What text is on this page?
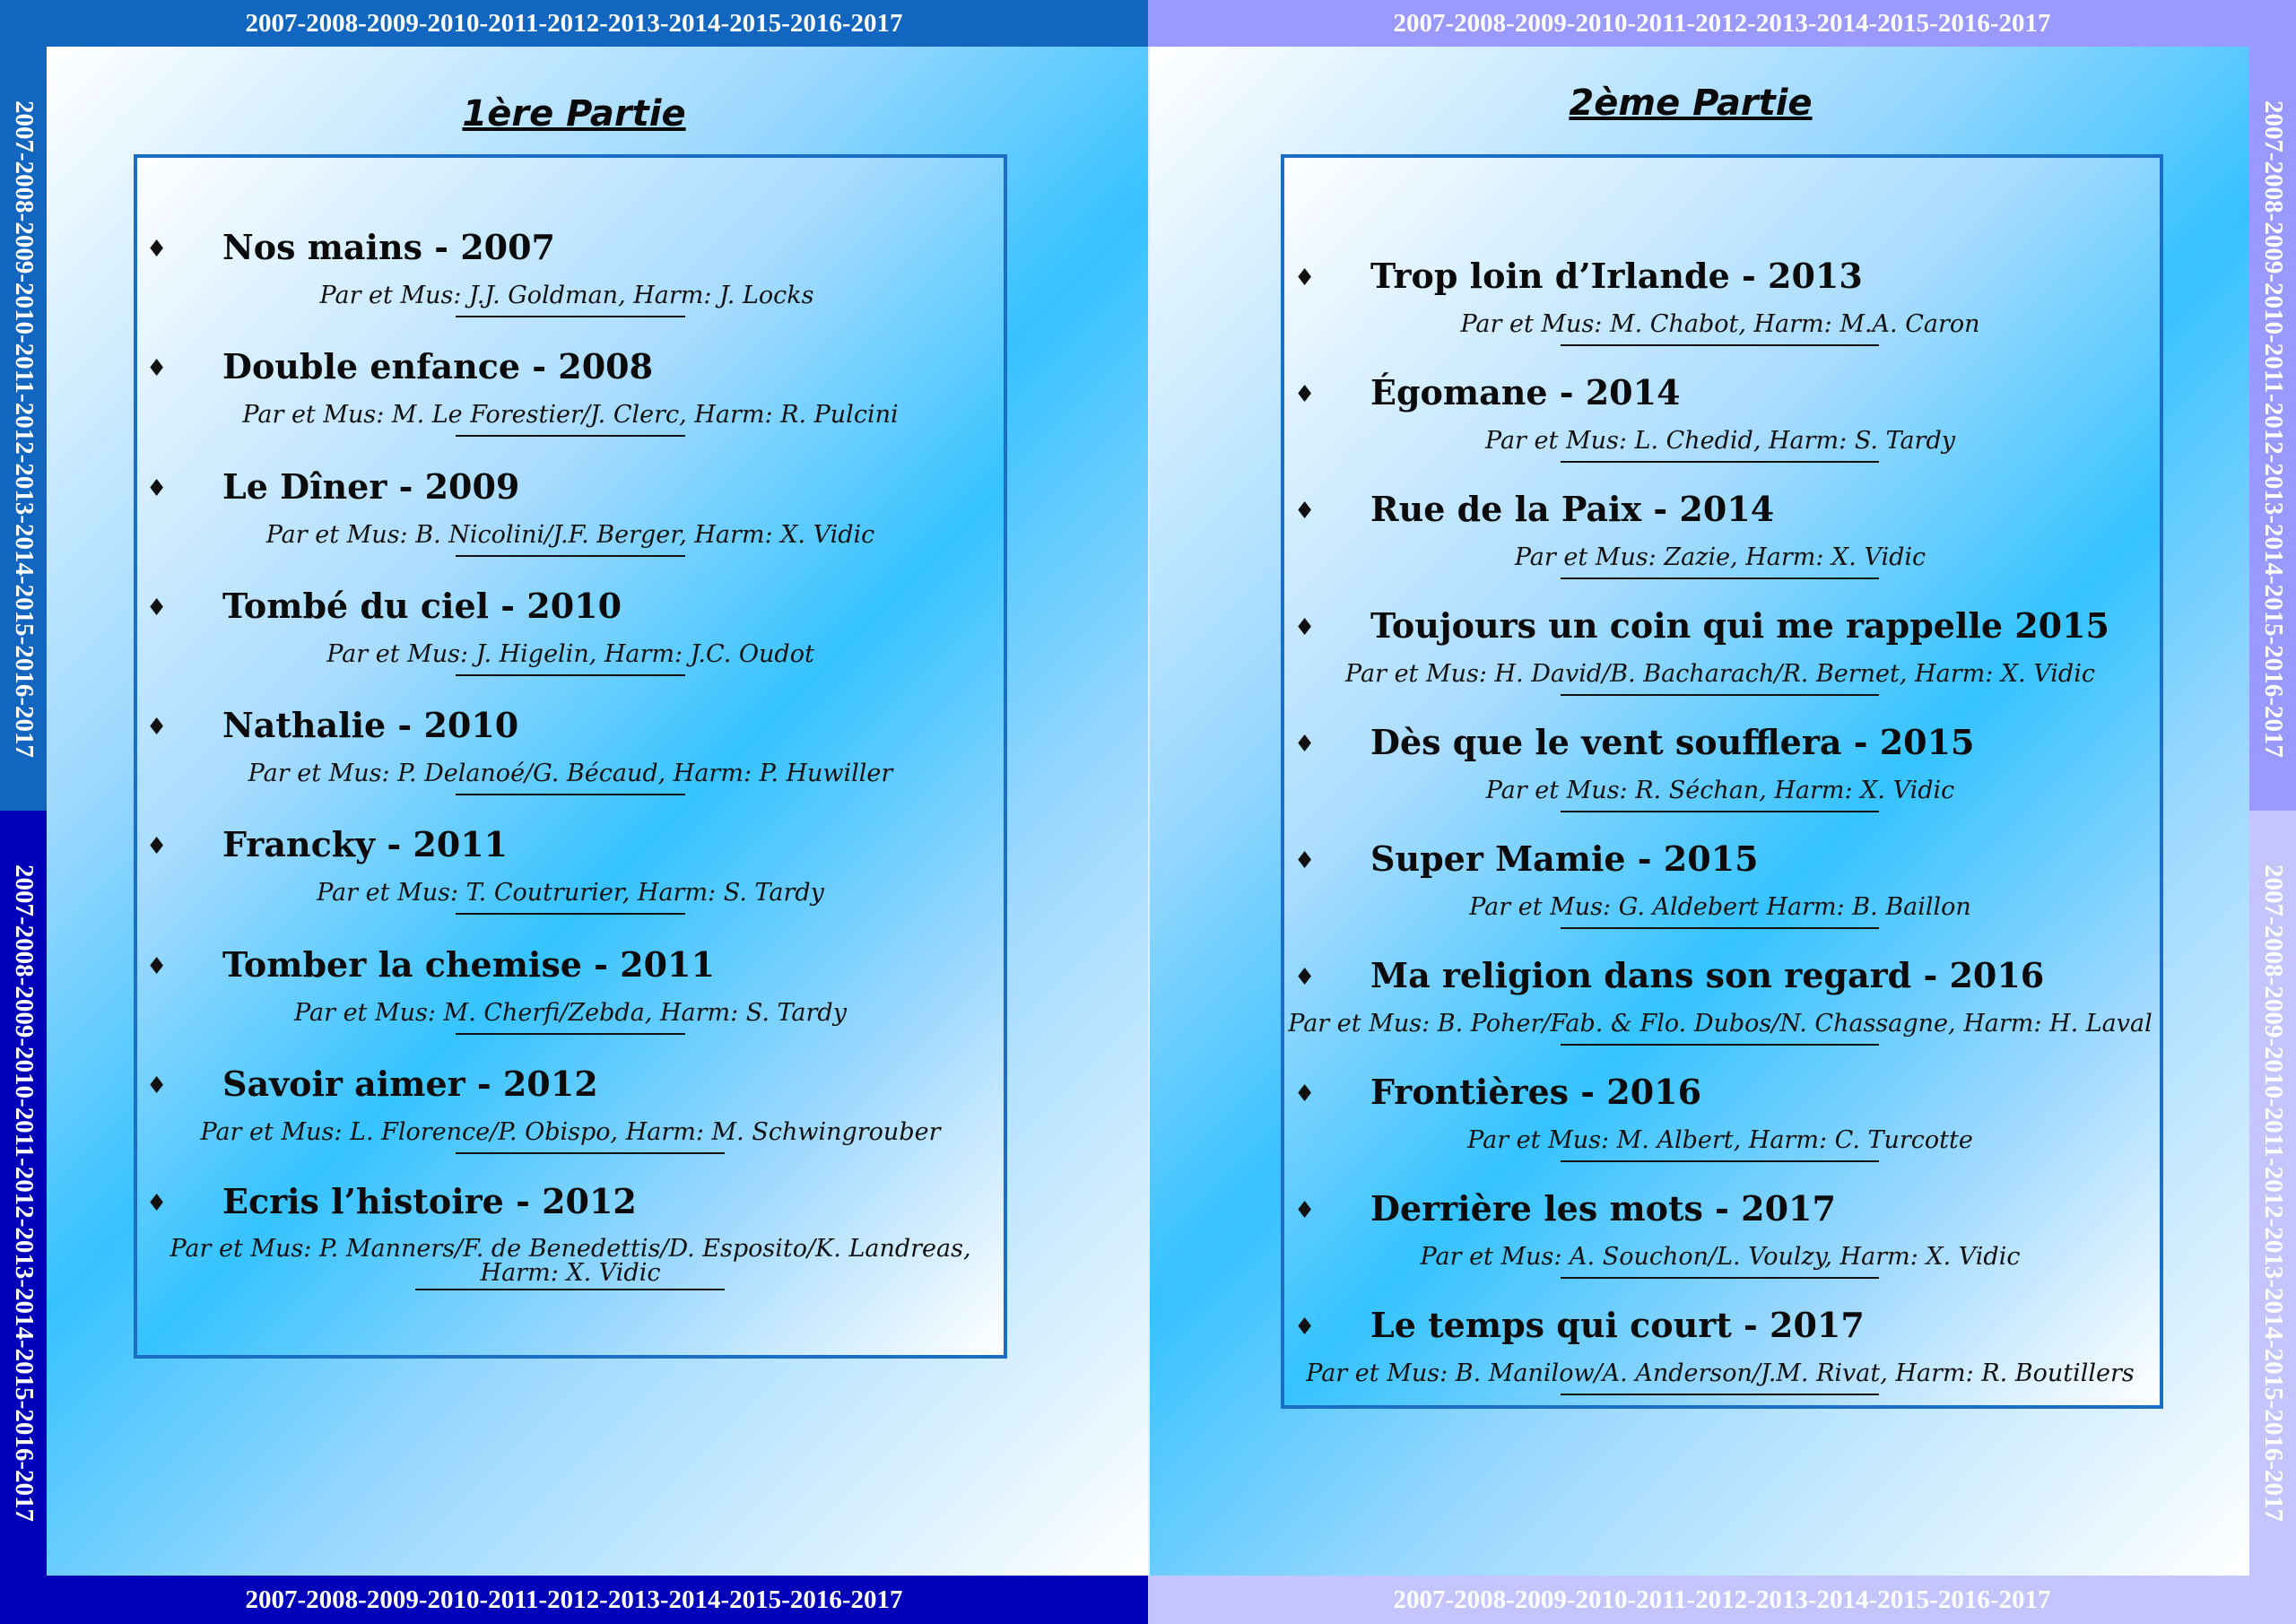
2007-2008-2009-2010-2011-2012-2013-2014-2015-2016-2017	2007-2008-2009-2010-2011-2012-2013-2014-2015-2016-2017
2007-2008-2009-2010-2011-2012-2013-2014-2015-2016-2017	2007-2008-2009-2010-2011-2012-2013-2014-2015-2016-2017
2007-2008-2009-2010-2011-2012-2013-2014-2015-2016-2017
2007-2008-2009-2010-2011-2012-2013-2014-2015-2016-2017
2007-2008-2009-2010-2011-2012-2013-2014-2015-2016-2017
2007-2008-2009-2010-2011-2012-2013-2014-2015-2016-2017
1ère Partie	2ème Partie
♦ Nos mains - 2007
Par et Mus: J.J. Goldman, Harm: J. Locks
♦ Double enfance - 2008
Par et Mus: M. Le Forestier/J. Clerc, Harm: R. Pulcini
♦ Le Dîner - 2009
Par et Mus: B. Nicolini/J.F. Berger, Harm: X. Vidic
♦ Tombé du ciel - 2010
Par et Mus: J. Higelin, Harm: J.C. Oudot
♦ Nathalie - 2010
Par et Mus: P. Delanoé/G. Bécaud, Harm: P. Huwiller
♦ Francky - 2011
Par et Mus: T. Coutrurier, Harm: S. Tardy
♦ Tomber la chemise - 2011
Par et Mus: M. Cherfi/Zebda, Harm: S. Tardy
♦ Savoir aimer - 2012
Par et Mus: L. Florence/P. Obispo, Harm: M. Schwingrouber
♦ Ecris l’histoire - 2012
Par et Mus: P. Manners/F. de Benedettis/D. Esposito/K. Landreas,
Harm: X. Vidic
♦ Trop loin d’Irlande - 2013
Par et Mus: M. Chabot, Harm: M.A. Caron
♦ Égomane - 2014
Par et Mus: L. Chedid, Harm: S. Tardy
♦ Rue de la Paix - 2014
Par et Mus: Zazie, Harm: X. Vidic
♦ Toujours un coin qui me rappelle 2015
Par et Mus: H. David/B. Bacharach/R. Bernet, Harm: X. Vidic
♦ Dès que le vent soufflera - 2015
Par et Mus: R. Séchan, Harm: X. Vidic
♦ Super Mamie - 2015
Par et Mus: G. Aldebert Harm: B. Baillon
♦ Ma religion dans son regard - 2016
Par et Mus: B. Poher/Fab. & Flo. Dubos/N. Chassagne, Harm: H. Laval
♦ Frontières - 2016
Par et Mus: M. Albert, Harm: C. Turcotte
♦ Derrière les mots - 2017
Par et Mus: A. Souchon/L. Voulzy, Harm: X. Vidic
♦ Le temps qui court - 2017
Par et Mus: B. Manilow/A. Anderson/J.M. Rivat, Harm: R. Boutillers
